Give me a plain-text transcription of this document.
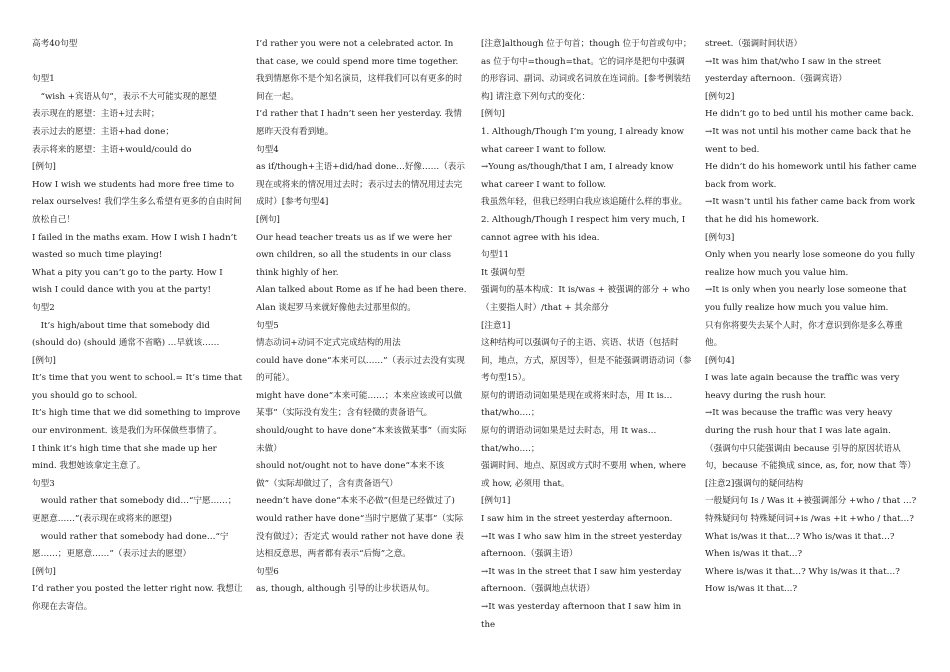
高考40句型
句型1
　“wish +宾语从句”，表示不大可能实现的愿望
表示现在的愿望：主语+过去时；
表示过去的愿望：主语+had done；
表示将来的愿望：主语+would/could do
[例句]
How I wish we students had more free time to relax ourselves! 我们学生多么希望有更多的自由时间放松自己！
I failed in the maths exam. How I wish I hadn’t wasted so much time playing!
What a pity you can’t go to the party. How I wish I could dance with you at the party!
句型2
　It’s high/about time that somebody did (should do) (should 通常不省略) …早就该……
[例句]
It’s time that you went to school.= It’s time that you should go to school.
It’s high time that we did something to improve our environment. 该是我们为环保做些事情了。
I think it’s high time that she made up her mind. 我想她该拿定主意了。
句型3
　would rather that somebody did…“宁愿……；更愿意……”(表示现在或将来的愿望)
　would rather that somebody had done…“宁愿……；更愿意……”（表示过去的愿望）
[例句]
I’d rather you posted the letter right now. 我想让你现在去寄信。
I’d rather you were not a celebrated actor. In that case, we could spend more time together.
我到情愿你不是个知名演员，这样我们可以有更多的时间在一起。
I’d rather that I hadn’t seen her yesterday. 我情愿昨天没有看到她。
句型4
as if/though+主语+did/had done…好像……（表示现在或将来的情况用过去时；表示过去的情况用过去完成时）[参考句型4]
[例句]
Our head teacher treats us as if we were her own children, so all the students in our class think highly of her.
Alan talked about Rome as if he had been there. Alan 谈起罗马来就好像他去过那里似的。
句型5
情态动词+动词不定式完成结构的用法
could have done“本来可以……”（表示过去没有实现的可能）。
might have done“本来可能……；本来应该或可以做某事”（实际没有发生；含有轻微的责备语气。
should/ought to have done“本来该做某事”（而实际未做）
should not/ought not to have done“本来不该做”（实际却做过了，含有责备语气）
needn’t have done“本来不必做”(但是已经做过了)
would rather have done“当时宁愿做了某事”（实际没有做过）；否定式 would rather not have done 表达相反意思，两者都有表示“后悔”之意。
句型6
as, though, although 引导的让步状语从句。
[注意]although 位于句首；though 位于句首或句中；as 位于句中=though=that。它的词序是把句中强调的形容词、副词、动词或名词放在连词前。[参考例装结构] 请注意下列句式的变化：
[例句]
1. Although/Though I’m young, I already know what career I want to follow.
→Young as/though/that I am, I already know what career I want to follow.
我虽然年轻，但我已经明白我应该追随什么样的事业。
2. Although/Though I respect him very much, I cannot agree with his idea.
句型11
It 强调句型
强调句的基本构成：It is/was + 被强调的部分 + who（主要指人时）/that + 其余部分
[注意1]
这种结构可以强调句子的主语、宾语、状语（包括时间，地点，方式，原因等），但是不能强调谓语动词（参考句型15）。
原句的谓语动词如果是现在或将来时态，用 It is…that/who….；
原句的谓语动词如果是过去时态，用 It was…that/who….；
强调时间、地点、原因或方式时不要用 when, where 或 how, 必须用 that。
[例句1]
I saw him in the street yesterday afternoon.
→It was I who saw him in the street yesterday afternoon.（强调主语）
→It was in the street that I saw him yesterday afternoon.（强调地点状语）
→It was yesterday afternoon that I saw him in the
street.（强调时间状语）
→It was him that/who I saw in the street yesterday afternoon.（强调宾语）
[例句2]
He didn’t go to bed until his mother came back.
→It was not until his mother came back that he went to bed.
He didn’t do his homework until his father came back from work.
→It wasn’t until his father came back from work that he did his homework.
[例句3]
Only when you nearly lose someone do you fully realize how much you value him.
→It is only when you nearly lose someone that you fully realize how much you value him.
只有你将要失去某个人时，你才意识到你是多么尊重他。
[例句4]
I was late again because the traffic was very heavy during the rush hour.
→It was because the traffic was very heavy during the rush hour that I was late again.
（强调句中只能强调由 because 引导的原因状语从句，because 不能换成 since, as, for, now that 等）
[注意2]强调句的疑问结构
一般疑问句 Is / Was it +被强调部分 +who / that …?
特殊疑问句 特殊疑问词+is /was +it +who / that…?
What is/was it that…? Who is/was it that…? When is/was it that…?
Where is/was it that…? Why is/was it that…? How is/was it that…?
